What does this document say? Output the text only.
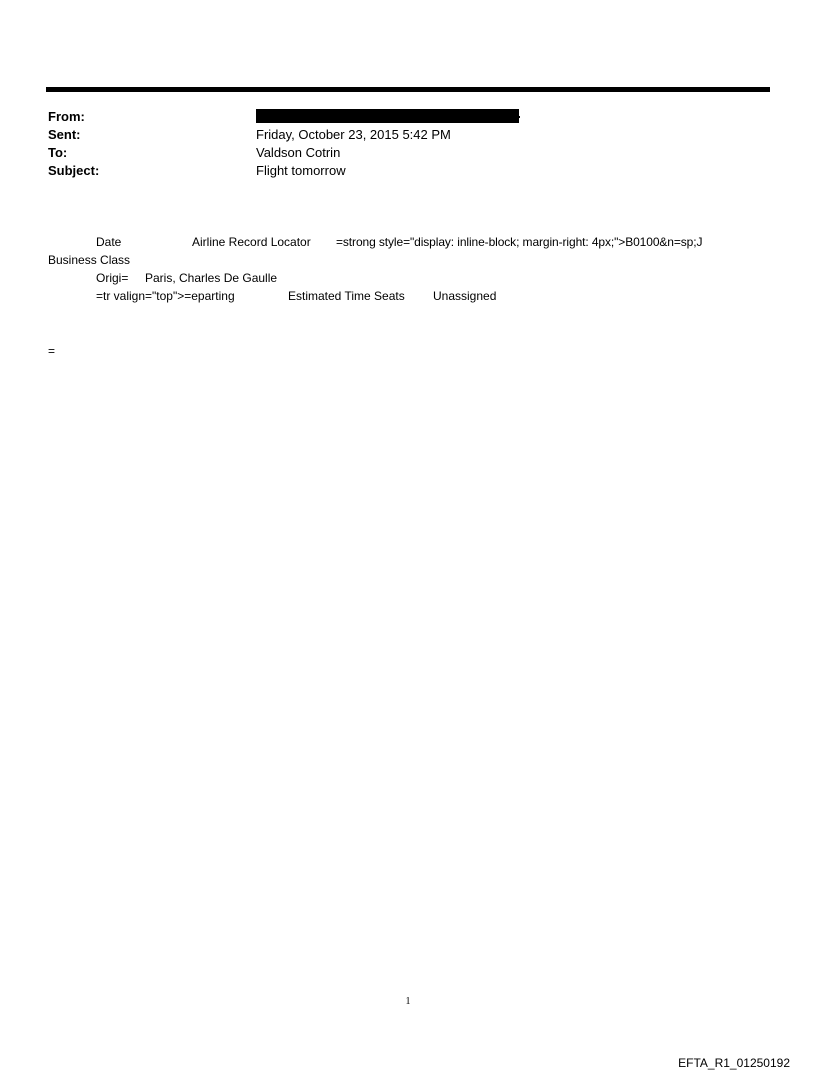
From:
Sent:	Friday, October 23, 2015 5:42 PM
To:	Valdson Cotrin
Subject:	Flight tomorrow
Date	Airline Record Locator =strong style="display: inline-block; margin-right: 4px;">B0100&n=sp;J
Business Class
Origi= Paris, Charles De Gaulle
=tr valign="top">=eparting	Estimated Time Seats Unassigned
=
1
EFTA_R1_01250192
